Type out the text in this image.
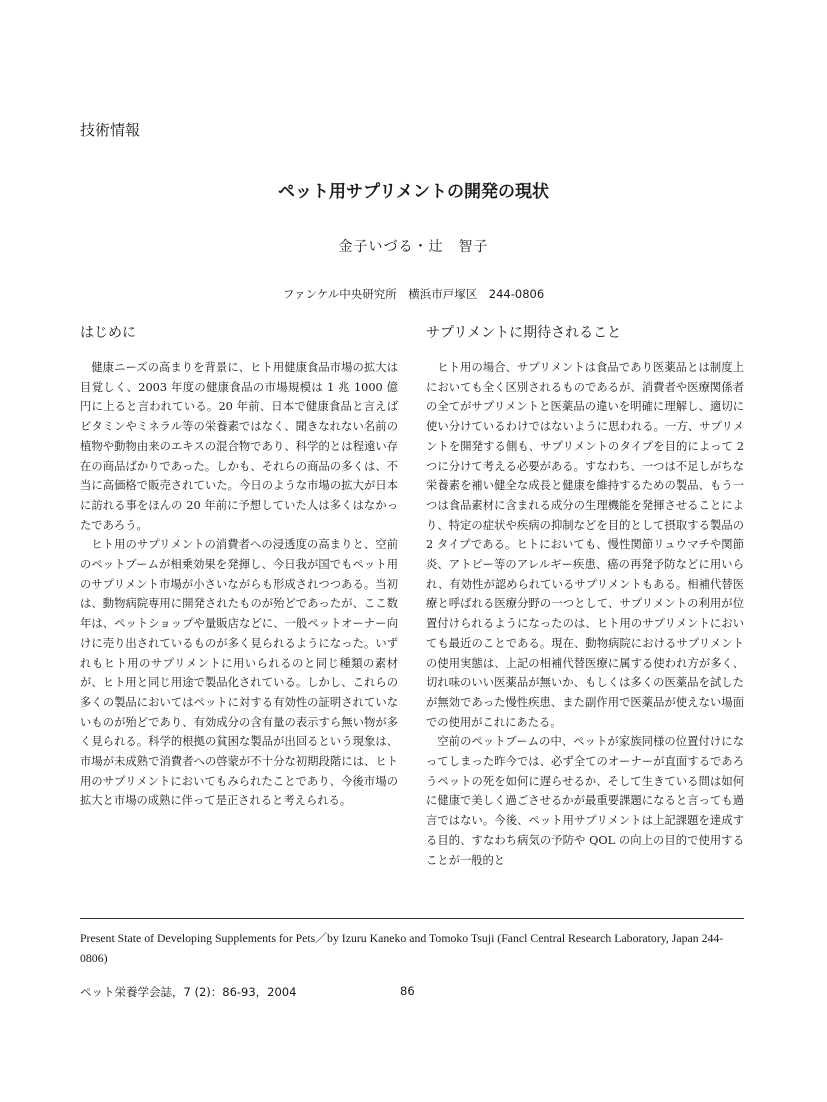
技術情報
ペット用サプリメントの開発の現状
金子いづる・辻　智子
ファンケル中央研究所　横浜市戸塚区　244-0806
はじめに	サプリメントに期待されること

健康ニーズの高まりを背景に、ヒト用健康食品市場の拡大は目覚しく、2003 年度の健康食品の市場規模は 1 兆 1000 億円に上ると言われている。20 年前、日本で健康食品と言えばビタミンやミネラル等の栄養素ではなく、聞きなれない名前の植物や動物由来のエキスの混合物であり、科学的とは程遠い存在の商品ばかりであった。しかも、それらの商品の多くは、不当に高価格で販売されていた。今日のような市場の拡大が日本に訪れる事をほんの 20 年前に予想していた人は多くはなかったであろう。

ヒト用のサプリメントの消費者への浸透度の高まりと、空前のペットブームが相乗効果を発揮し、今日我が国でもペット用のサプリメント市場が小さいながらも形成されつつある。当初は、動物病院専用に開発されたものが殆どであったが、ここ数年は、ペットショップや量販店などに、一般ペットオーナー向けに売り出されているものが多く見られるようになった。いずれもヒト用のサプリメントに用いられるのと同じ種類の素材が、ヒト用と同じ用途で製品化されている。しかし、これらの多くの製品においてはペットに対する有効性の証明されていないものが殆どであり、有効成分の含有量の表示すら無い物が多く見られる。科学的根拠の貧困な製品が出回るという現象は、市場が未成熟で消費者への啓蒙が不十分な初期段階には、ヒト用のサプリメントにおいてもみられたことであり、今後市場の拡大と市場の成熟に伴って是正されると考えられる。

ヒト用の場合、サプリメントは食品であり医薬品とは制度上においても全く区別されるものであるが、消費者や医療関係者の全てがサプリメントと医薬品の違いを明確に理解し、適切に使い分けているわけではないように思われる。一方、サプリメントを開発する側も、サプリメントのタイプを目的によって 2 つに分けて考える必要がある。すなわち、一つは不足しがちな栄養素を補い健全な成長と健康を維持するための製品、もう一つは食品素材に含まれる成分の生理機能を発揮させることにより、特定の症状や疾病の抑制などを目的として摂取する製品の 2 タイプである。ヒトにおいても、慢性関節リュウマチや関節炎、アトピー等のアレルギー疾患、癌の再発予防などに用いられ、有効性が認められているサプリメントもある。相補代替医療と呼ばれる医療分野の一つとして、サプリメントの利用が位置付けられるようになったのは、ヒト用のサプリメントにおいても最近のことである。現在、動物病院におけるサプリメントの使用実態は、上記の相補代替医療に属する使われ方が多く、切れ味のいい医薬品が無いか、もしくは多くの医薬品を試したが無効であった慢性疾患、また副作用で医薬品が使えない場面での使用がこれにあたる。

空前のペットブームの中、ペットが家族同様の位置付けになってしまった昨今では、必ず全てのオーナーが直面するであろうペットの死を如何に遅らせるか、そして生きている間は如何に健康で美しく過ごさせるかが最重要課題になると言っても過言ではない。今後、ペット用サプリメントは上記課題を達成する目的、すなわち病気の予防や QOL の向上の目的で使用することが一般的と

Present State of Developing Supplements for Pets／by Izuru Kaneko and Tomoko Tsuji (Fancl Central Research Laboratory, Japan 244-0806)
ペット栄養学会誌，7 (2)：86-93，2004	86
